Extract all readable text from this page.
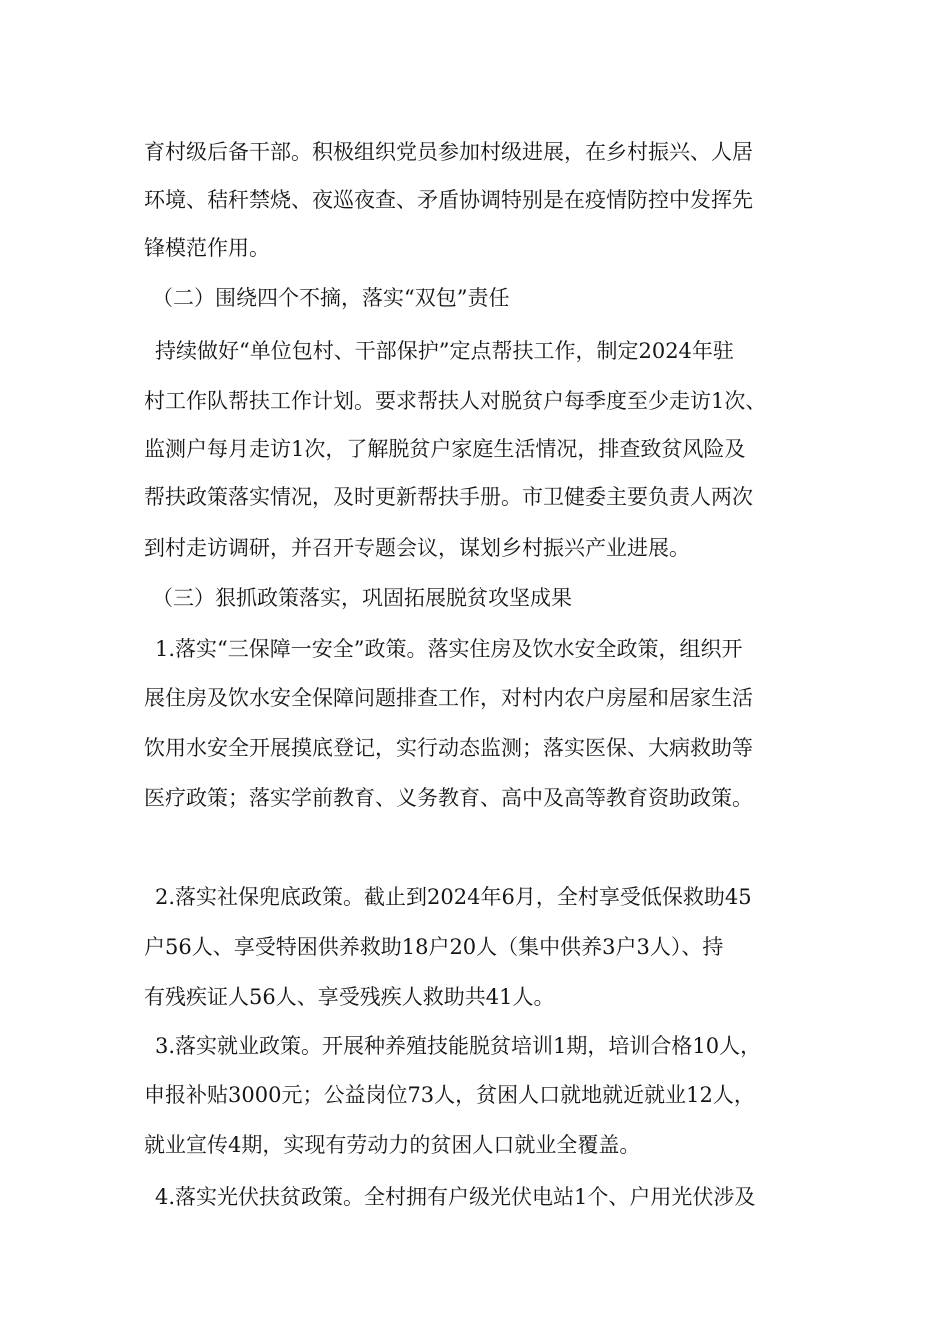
育村级后备干部。积极组织党员参加村级进展，在乡村振兴、人居
环境、秸秆禁烧、夜巡夜查、矛盾协调特别是在疫情防控中发挥先
锋模范作用。
（二）围绕四个不摘，落实“双包”责任
持续做好“单位包村、干部保护”定点帮扶工作，制定2024年驻
村工作队帮扶工作计划。要求帮扶人对脱贫户每季度至少走访1次、
监测户每月走访1次，了解脱贫户家庭生活情况，排查致贫风险及
帮扶政策落实情况，及时更新帮扶手册。市卫健委主要负责人两次
到村走访调研，并召开专题会议，谋划乡村振兴产业进展。
（三）狠抓政策落实，巩固拓展脱贫攻坚成果
1.落实“三保障一安全”政策。落实住房及饮水安全政策，组织开
展住房及饮水安全保障问题排查工作，对村内农户房屋和居家生活
饮用水安全开展摸底登记，实行动态监测；落实医保、大病救助等
医疗政策；落实学前教育、义务教育、高中及高等教育资助政策。
2.落实社保兜底政策。截止到2024年6月，全村享受低保救助45
户56人、享受特困供养救助18户20人（集中供养3户3人）、持
有残疾证人56人、享受残疾人救助共41人。
3.落实就业政策。开展种养殖技能脱贫培训1期，培训合格10人，
申报补贴3000元；公益岗位73人，贫困人口就地就近就业12人，
就业宣传4期，实现有劳动力的贫困人口就业全覆盖。
4.落实光伏扶贫政策。全村拥有户级光伏电站1个、户用光伏涉及
